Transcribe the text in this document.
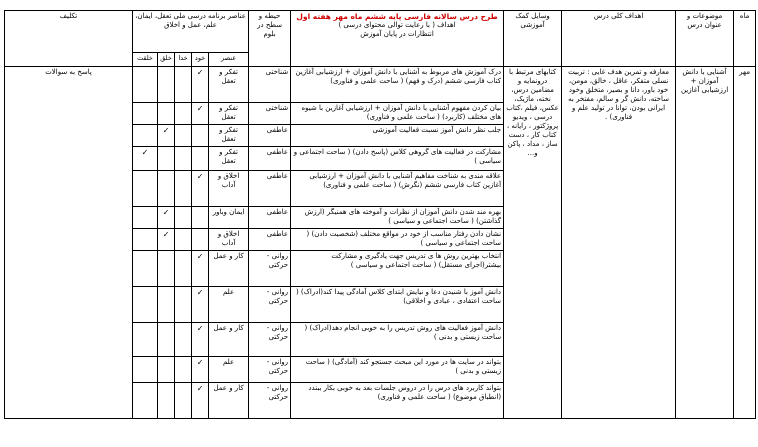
ماه	موضوعات و عنوان درس	اهداف کلی درس	وسایل کمک آموزشی	طرح درس سالانه فارسی پایه ششم ماه مهر هفته اول
اهداف ( با رعایت توالی محتوای درسی )
انتظارات در پایان آموزش	حیطه و سطح در بلوم	عناصر برنامه درسی ملی تعقل، ایمان، علم، عمل و اخلاق					تکلیف
						عنصر	خود	خدا	خلق	خلقت	
مهر	آشنایی با دانش آموزان + ارزشیابی آغازین	معارفه و تمرین هدف غایی : تربیت نسلی متفکر، عاقل ، خالق، مومن، خود باور، دانا و بصیر، متخلق وخود ساخته، دانش گر و سالم، مفتخر به ایرانی بودن، توانا در تولید علم و فناوری) .	کتابهای مرتبط با درونمایه و مضامین درس، نخته، ماژیک، عکس، فیلم ،کتاب درسی ، ویدیو پروژکتور ، رایانه ، کتاب کار ، دست ساز ، مداد ، پاکن و...	درک آموزش های مربوط به آشنایی با دانش آموزان + ارزشیابی آغازین کتاب فارسی ششم (درک و فهم) ( ساحت علمی و فناوری)	شناختی	تفکر و تعقل	✓				پاسخ به سوالات
				بیان کردن مفهوم آشنایی با دانش آموزان + ارزشیابی آغازین با شیوه های مختلف (کاربرد) ( ساحت علمی و فناوری)	شناختی	تفکر و تعقل	✓				
				جلب نظر دانش آموز نسبت فعالیت آموزشی	عاطفی	تفکر و تعقل			✓		
				مشارکت در فعالیت های گروهی کلاس (پاسخ دادن) ( ساحت اجتماعی و سیاسی )	عاطفی	تفکر و تعقل				✓	
				علاقه مندی به شناخت مفاهیم آشنایی با دانش آموزان + ارزشیابی آغازین کتاب فارسی ششم (نگرش) ( ساحت علمی و فناوری)	عاطفی	اخلاق و آداب	✓				
				بهره مند شدن دانش آموزان از نظرات و آموخته های همنیگر (ارزش گذاشتن) ( ساحت اجتماعی و سیاسی )	عاطفی	ایمان وباور			✓		
				نشان دادن رفتار مناسب از خود در مواقع مختلف (شخصیت دادن) ( ساحت اجتماعی و سیاسی )	عاطفی	اخلاق و آداب			✓		
				انتخاب بهترین روش ها ی تدریس جهت یادگیری و مشارکت بیشتر(اجرای مستقل) ( ساحت اجتماعی و سیاسی )	روانی - حرکتی	کار و عمل	✓				
				دانش آموز با شنیدن دعا و نیایش ابتدای کلاس آمادگی پیدا کند(ادراک) ( ساحت اعتقادی ، عبادی و اخلاقی)	روانی - حرکتی	علم	✓				
				دانش آموز فعالیت های روش تدریس را به خوبی انجام دهد(ادراک) ( ساحت زیستی و بدنی )	روانی - حرکتی	کار و عمل	✓				
				بتواند در سایت ها در مورد این مبحث جستجو کند (آمادگی) ( ساحت زیستی و بدنی )	روانی - حرکتی	علم	✓				
				بتواند کاربرد های درس را در دروس جلسات بعد به خوبی بکار ببندد (انطباق موضوع) ( ساحت علمی و فناوری)	روانی - حرکتی	کار و عمل	✓				
